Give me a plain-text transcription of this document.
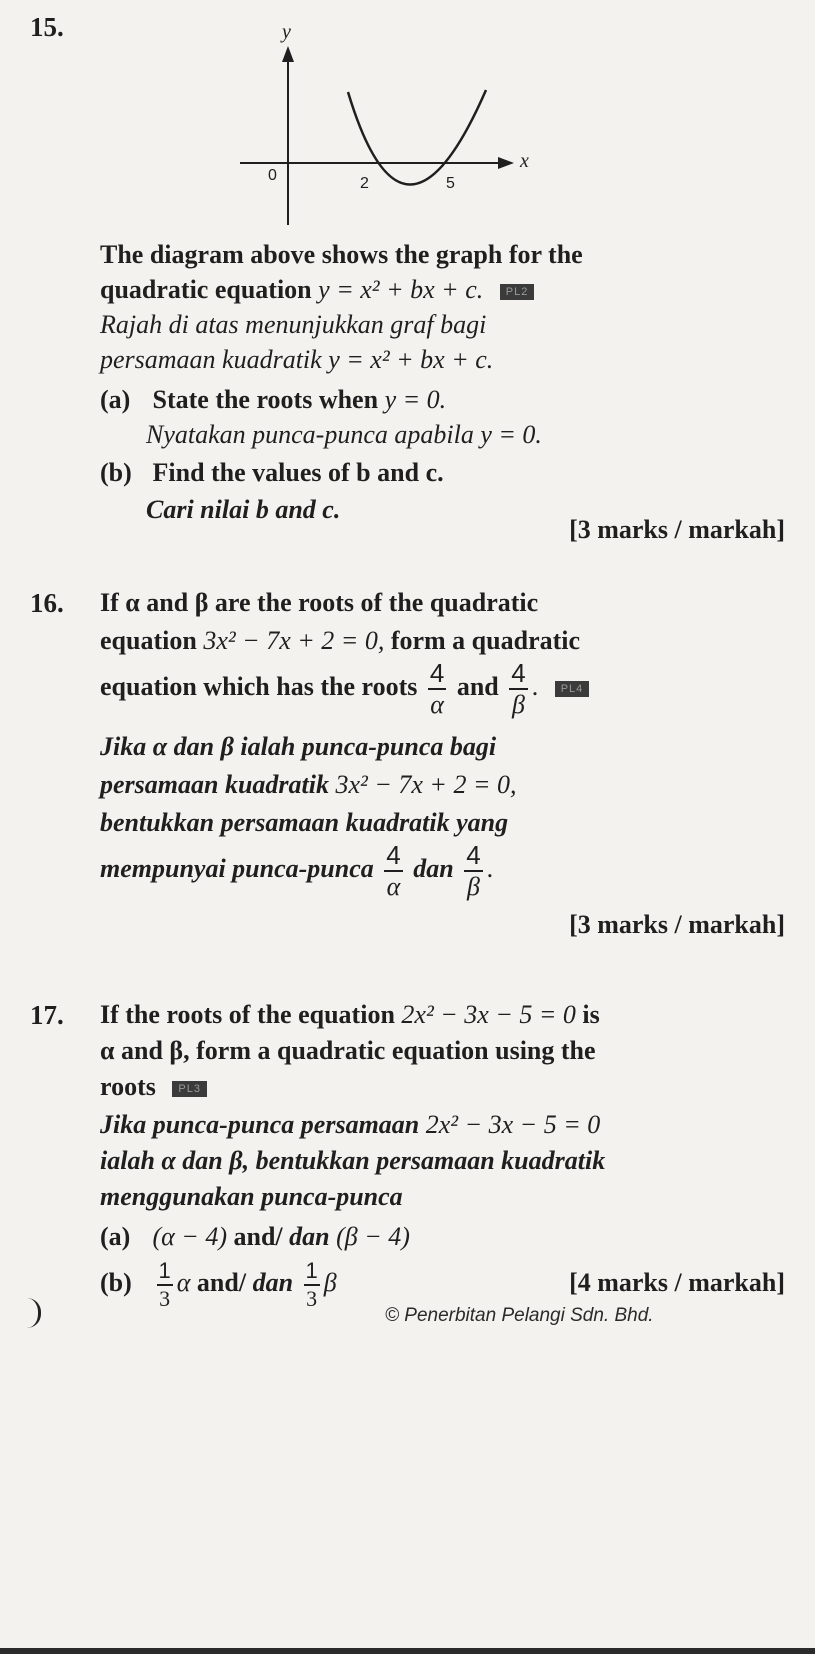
15.	y
x
0	2	5
The diagram above shows the graph for the
quadratic equation y = x² + bx + c. PL2
Rajah di atas menunjukkan graf bagi
persamaan kuadratik y = x² + bx + c.
(a) State the roots when y = 0.
Nyatakan punca-punca apabila y = 0.
(b) Find the values of b and c.
Cari nilai b and c.
[3 marks / markah]
16. If α and β are the roots of the quadratic
equation 3x² − 7x + 2 = 0, form a quadratic
equation which has the roots $\frac{4}{\alpha}$ and $\frac{4}{\beta}$ . PL4
Jika α dan β ialah punca-punca bagi
persamaan kuadratik 3x² − 7x + 2 = 0,
bentukkan persamaan kuadratik yang
mempunyai punca-punca $\frac{4}{\alpha}$ dan $\frac{4}{\beta}$ .
[3 marks / markah]
17. If the roots of the equation 2x² − 3x − 5 = 0 is
α and β, form a quadratic equation using the
roots PL3
Jika punca-punca persamaan 2x² − 3x − 5 = 0
ialah α dan β, bentukkan persamaan kuadratik
menggunakan punca-punca
(a) (α − 4) and/ dan (β − 4)
$(b) \frac{1}{3}$ α and/ dan $\frac{1}{3}$ β	[4 marks / markah]
© Penerbitan Pelangi Sdn. Bhd.
